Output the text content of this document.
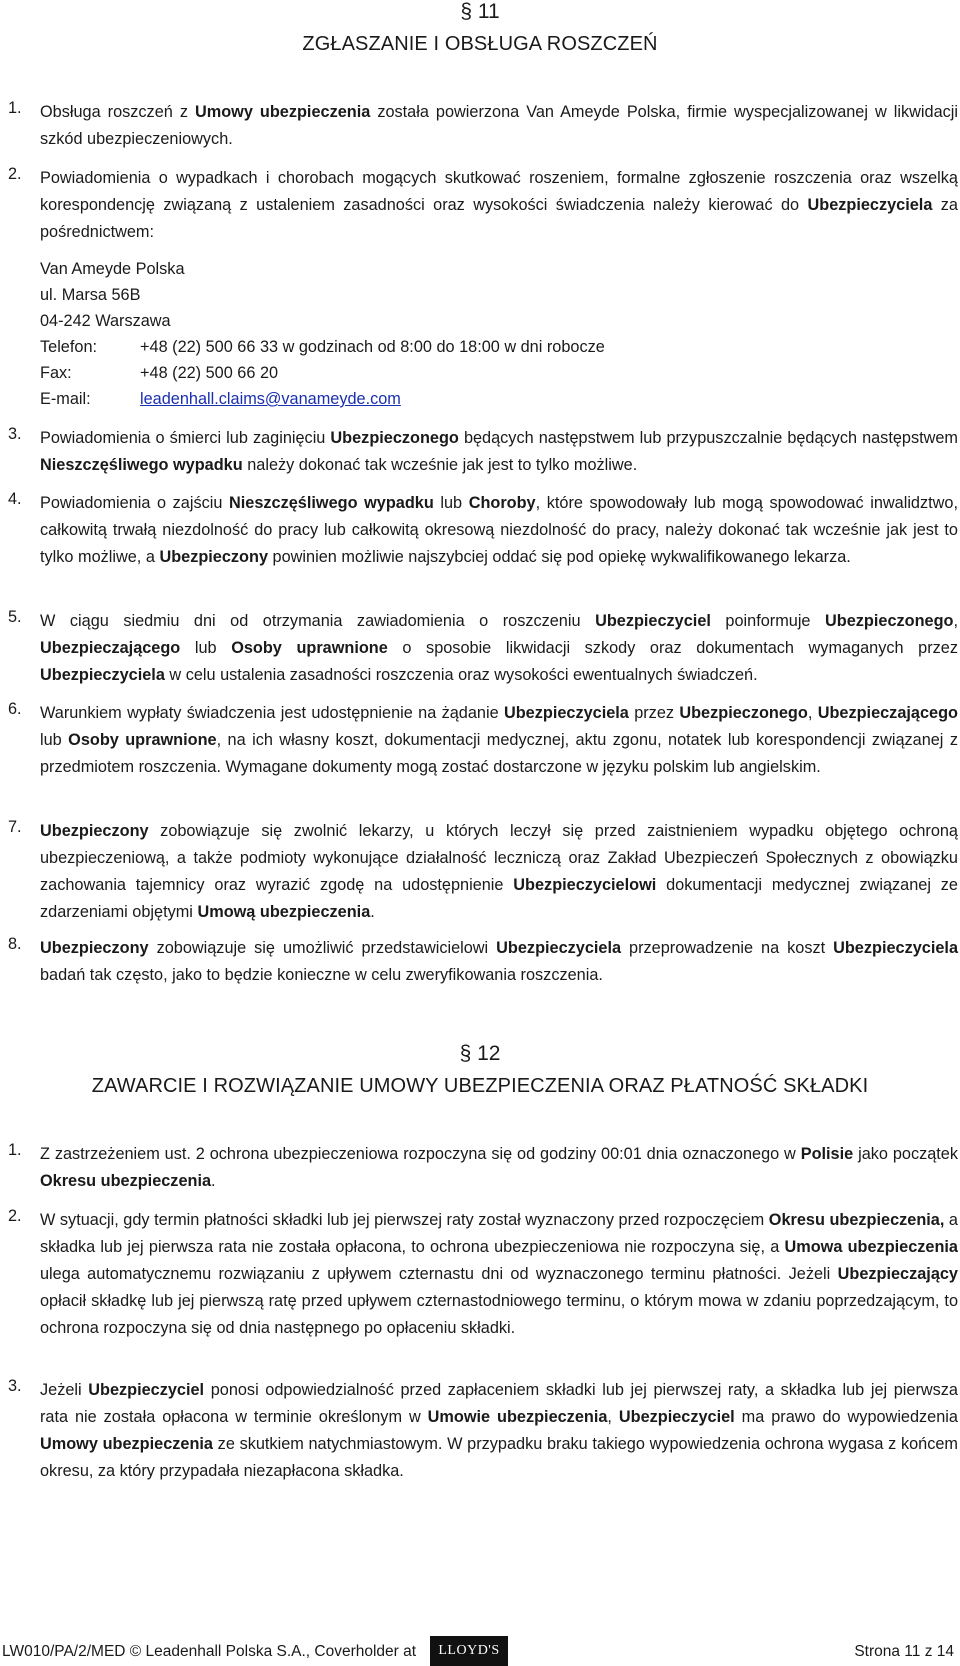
§ 11
ZGŁASZANIE I OBSŁUGA ROSZCZEŃ
1. Obsługa roszczeń z Umowy ubezpieczenia została powierzona Van Ameyde Polska, firmie wyspecjalizowanej w likwidacji szkód ubezpieczeniowych.
2. Powiadomienia o wypadkach i chorobach mogących skutkować roszeniem, formalne zgłoszenie roszczenia oraz wszelką korespondencję związaną z ustaleniem zasadności oraz wysokości świadczenia należy kierować do Ubezpieczyciela za pośrednictwem:
Van Ameyde Polska
ul. Marsa 56B
04-242 Warszawa
Telefon:	+48 (22) 500 66 33 w godzinach od 8:00 do 18:00 w dni robocze
Fax:	+48 (22) 500 66 20
E-mail:	leadenhall.claims@vanameyde.com
3. Powiadomienia o śmierci lub zaginięciu Ubezpieczonego będących następstwem lub przypuszczalnie będących następstwem Nieszczęśliwego wypadku należy dokonać tak wcześnie jak jest to tylko możliwe.
4. Powiadomienia o zajściu Nieszczęśliwego wypadku lub Choroby, które spowodowały lub mogą spowodować inwalidztwo, całkowitą trwałą niezdolność do pracy lub całkowitą okresową niezdolność do pracy, należy dokonać tak wcześnie jak jest to tylko możliwe, a Ubezpieczony powinien możliwie najszybciej oddać się pod opiekę wykwalifikowanego lekarza.
5. W ciągu siedmiu dni od otrzymania zawiadomienia o roszczeniu Ubezpieczyciel poinformuje Ubezpieczonego, Ubezpieczającego lub Osoby uprawnione o sposobie likwidacji szkody oraz dokumentach wymaganych przez Ubezpieczyciela w celu ustalenia zasadności roszczenia oraz wysokości ewentualnych świadczeń.
6. Warunkiem wypłaty świadczenia jest udostępnienie na żądanie Ubezpieczyciela przez Ubezpieczonego, Ubezpieczającego lub Osoby uprawnione, na ich własny koszt, dokumentacji medycznej, aktu zgonu, notatek lub korespondencji związanej z przedmiotem roszczenia. Wymagane dokumenty mogą zostać dostarczone w języku polskim lub angielskim.
7. Ubezpieczony zobowiązuje się zwolnić lekarzy, u których leczył się przed zaistnieniem wypadku objętego ochroną ubezpieczeniową, a także podmioty wykonujące działalność leczniczą oraz Zakład Ubezpieczeń Społecznych z obowiązku zachowania tajemnicy oraz wyrazić zgodę na udostępnienie Ubezpieczycielowi dokumentacji medycznej związanej ze zdarzeniami objętymi Umową ubezpieczenia.
8. Ubezpieczony zobowiązuje się umożliwić przedstawicielowi Ubezpieczyciela przeprowadzenie na koszt Ubezpieczyciela badań tak często, jako to będzie konieczne w celu zweryfikowania roszczenia.
§ 12
ZAWARCIE I ROZWIĄZANIE UMOWY UBEZPIECZENIA ORAZ PŁATNOŚĆ SKŁADKI
1. Z zastrzeżeniem ust. 2 ochrona ubezpieczeniowa rozpoczyna się od godziny 00:01 dnia oznaczonego w Polisie jako początek Okresu ubezpieczenia.
2. W sytuacji, gdy termin płatności składki lub jej pierwszej raty został wyznaczony przed rozpoczęciem Okresu ubezpieczenia, a składka lub jej pierwsza rata nie została opłacona, to ochrona ubezpieczeniowa nie rozpoczyna się, a Umowa ubezpieczenia ulega automatycznemu rozwiązaniu z upływem czternastu dni od wyznaczonego terminu płatności. Jeżeli Ubezpieczający opłacił składkę lub jej pierwszą ratę przed upływem czternastodniowego terminu, o którym mowa w zdaniu poprzedzającym, to ochrona rozpoczyna się od dnia następnego po opłaceniu składki.
3. Jeżeli Ubezpieczyciel ponosi odpowiedzialność przed zapłaceniem składki lub jej pierwszej raty, a składka lub jej pierwsza rata nie została opłacona w terminie określonym w Umowie ubezpieczenia, Ubezpieczyciel ma prawo do wypowiedzenia Umowy ubezpieczenia ze skutkiem natychmiastowym. W przypadku braku takiego wypowiedzenia ochrona wygasa z końcem okresu, za który przypadała niezapłacona składka.
LW010/PA/2/MED © Leadenhall Polska S.A., Coverholder at	LLOYD'S	Strona 11 z 14
